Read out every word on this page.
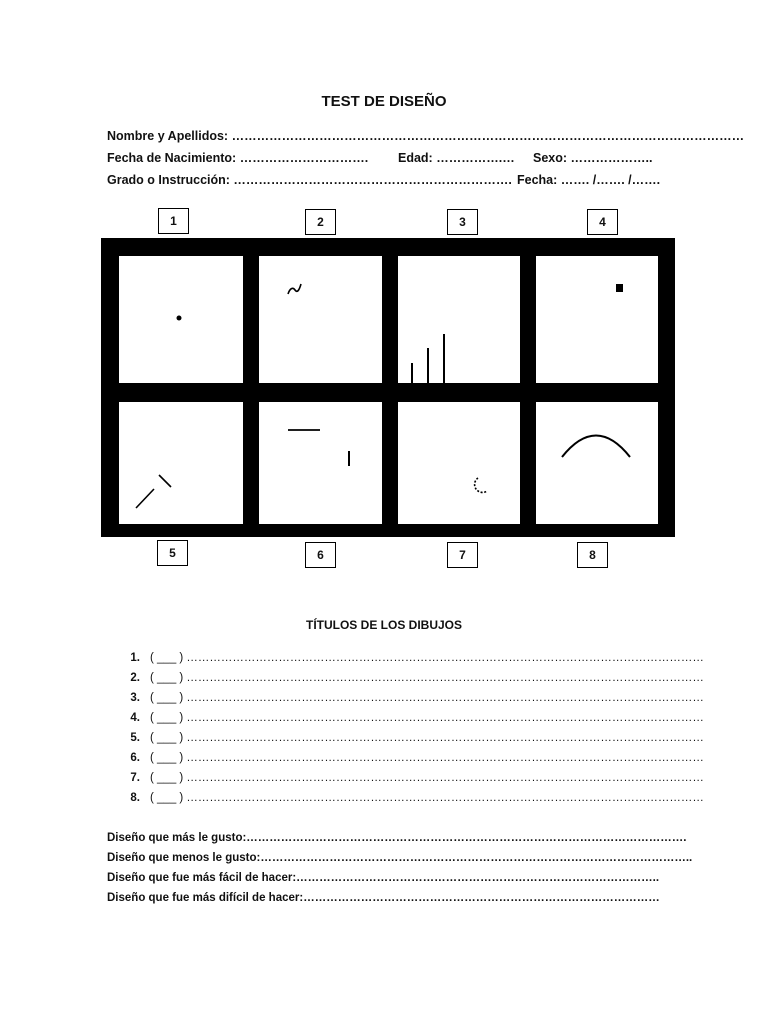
TEST DE DISEÑO
Nombre y Apellidos: ……………………………………………………………………………………………………………
Fecha de Nacimiento: …………………………. Edad: …………….… Sexo: ………………..
Grado o Instrucción: …………………………………………………………. Fecha: ……. /……. /…….
1	2	3	4
5	6	7	8
TÍTULOS DE LOS DIBUJOS
1. ( ___ ) ………………………………………………………………………………………………………………………
2. ( ___ ) ………………………………………………………………………………………………………………………
3. ( ___ ) ………………………………………………………………………………………………………………………
4. ( ___ ) ………………………………………………………………………………………………………………………
5. ( ___ ) ………………………………………………………………………………………………………………………
6. ( ___ ) ………………………………………………………………………………………………………………………
7. ( ___ ) ………………………………………………………………………………………………………………………
8. ( ___ ) ………………………………………………………………………………………………………………………
Diseño que más le gusto:…………………………………………………………………………………………………….
Diseño que menos le gusto:…………………………………………………………………………………………………..
Diseño que fue más fácil de hacer:…………………………………………………………………………………..
Diseño que fue más difícil de hacer:…………………………………………………………………………………
